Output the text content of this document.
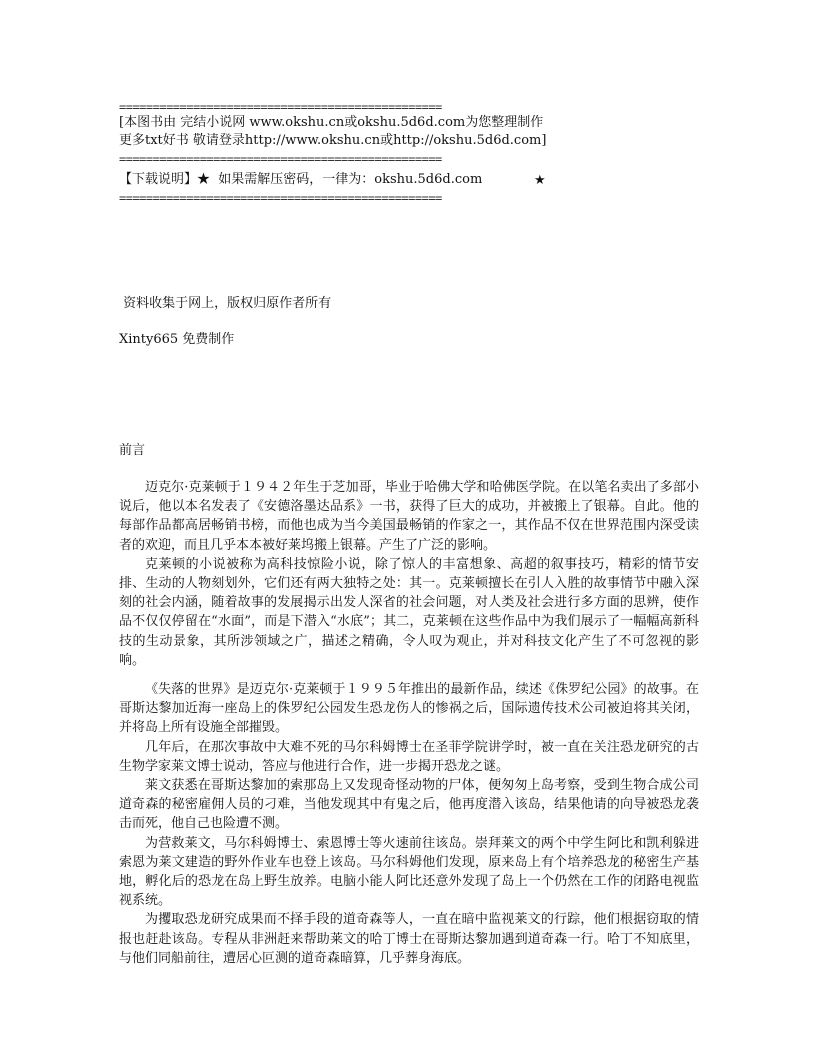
================================================
[本图书由 完结小说网 www.okshu.cn或okshu.5d6d.com为您整理制作
更多txt好书 敬请登录http://www.okshu.cn或http://okshu.5d6d.com]
================================================
【下载说明】★  如果需解压密码，一律为：okshu.5d6d.com	★
================================================
资料收集于网上，版权归原作者所有
Xinty665 免费制作
前言

迈克尔·克莱顿于１９４２年生于芝加哥，毕业于哈佛大学和哈佛医学院。在以笔名卖出了多部小说后，他以本名发表了《安德洛墨达品系》一书，获得了巨大的成功，并被搬上了银幕。自此。他的每部作品都高居畅销书榜，而他也成为当今美国最畅销的作家之一，其作品不仅在世界范围内深受读者的欢迎，而且几乎本本被好莱坞搬上银幕。产生了广泛的影响。

克莱顿的小说被称为高科技惊险小说，除了惊人的丰富想象、高超的叙事技巧，精彩的情节安排、生动的人物刻划外，它们还有两大独特之处：其一。克莱顿擅长在引人入胜的故事情节中融入深刻的社会内涵，随着故事的发展揭示出发人深省的社会问题，对人类及社会进行多方面的思辨，使作品不仅仅停留在“水面”，而是下潜入“水底”；其二，克莱顿在这些作品中为我们展示了一幅幅高新科技的生动景象，其所涉领域之广，描述之精确，令人叹为观止，并对科技文化产生了不可忽视的影响。

《失落的世界》是迈克尔·克莱顿于１９９５年推出的最新作品，续述《侏罗纪公园》的故事。在哥斯达黎加近海一座岛上的侏罗纪公园发生恐龙伤人的惨祸之后，国际遗传技术公司被迫将其关闭，并将岛上所有设施全部摧毁。

几年后，在那次事故中大难不死的马尔科姆博士在圣菲学院讲学时，被一直在关注恐龙研究的古生物学家莱文博士说动，答应与他进行合作，进一步揭开恐龙之谜。

莱文获悉在哥斯达黎加的索那岛上又发现奇怪动物的尸体，便匆匆上岛考察，受到生物合成公司道奇森的秘密雇佣人员的刁难，当他发现其中有鬼之后，他再度潜入该岛，结果他请的向导被恐龙袭击而死，他自己也险遭不测。

为营救莱文，马尔科姆博士、索恩博士等火速前往该岛。崇拜莱文的两个中学生阿比和凯利躲进索恩为莱文建造的野外作业车也登上该岛。马尔科姆他们发现，原来岛上有个培养恐龙的秘密生产基地，孵化后的恐龙在岛上野生放养。电脑小能人阿比还意外发现了岛上一个仍然在工作的闭路电视监视系统。

为攫取恐龙研究成果而不择手段的道奇森等人，一直在暗中监视莱文的行踪，他们根据窃取的情报也赶赴该岛。专程从非洲赶来帮助莱文的哈丁博士在哥斯达黎加遇到道奇森一行。哈丁不知底里，与他们同船前往，遭居心叵测的道奇森暗算，几乎葬身海底。
